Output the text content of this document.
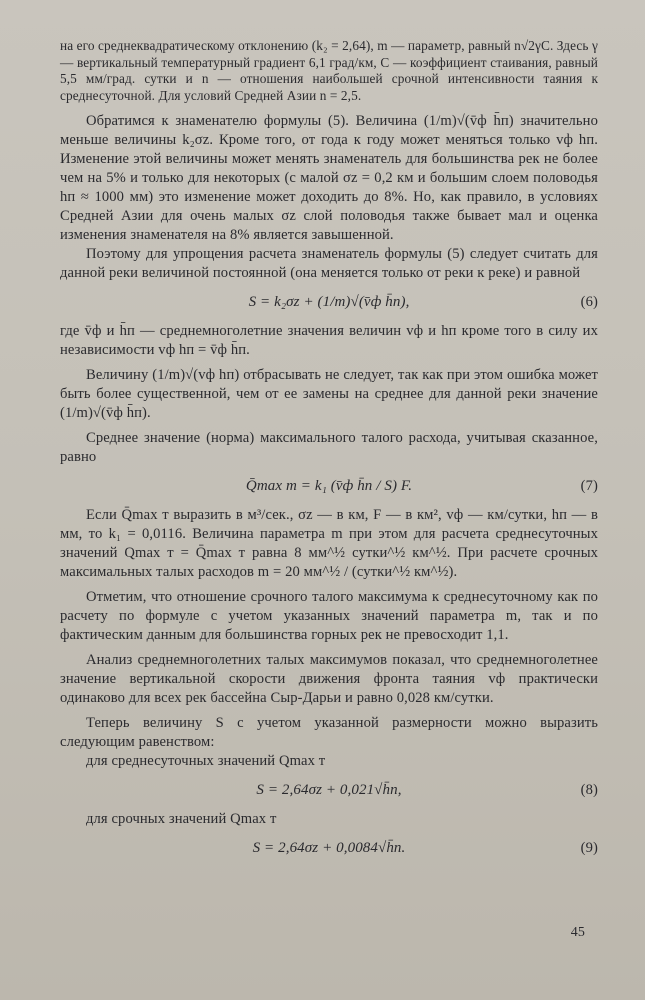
на его среднеквадратическому отклонению (k₂ = 2,64), m — параметр, равный n√2γC. Здесь γ — вертикальный температурный градиент 6,1 град/км, C — коэффициент стаивания, равный 5,5 мм/град. сутки и n — отношения наибольшей срочной интенсивности таяния к среднесуточной. Для условий Средней Азии n = 2,5.

Обратимся к знаменателю формулы (5). Величина (1/m)√(v̄ф h̄п) значительно меньше величины k₂σz. Кроме того, от года к году может меняться только vф hп. Изменение этой величины может менять знаменатель для большинства рек не более чем на 5% и только для некоторых (с малой σz = 0,2 км и большим слоем половодья hп ≈ 1000 мм) это изменение может доходить до 8%. Но, как правило, в условиях Средней Азии для очень малых σz слой половодья также бывает мал и оценка изменения знаменателя на 8% является завышенной.

Поэтому для упрощения расчета знаменатель формулы (5) следует считать для данной реки величиной постоянной (она меняется только от реки к реке) и равной

S = k₂σz + (1/m)√(v̄ф h̄п),	(6)

где v̄ф и h̄п — среднемноголетние значения величин vф и hп кроме того в силу их независимости vф hп = v̄ф h̄п.

Величину (1/m)√(vф hп) отбрасывать не следует, так как при этом ошибка может быть более существенной, чем от ее замены на среднее для данной реки значение (1/m)√(v̄ф h̄п).

Среднее значение (норма) максимального талого расхода, учитывая сказанное, равно

Q̄max т = k₁ (v̄ф h̄п / S) F.	(7)

Если Q̄max т выразить в м³/сек., σz — в км, F — в км², vф — км/сутки, hп — в мм, то k₁ = 0,0116. Величина параметра m при этом для расчета среднесуточных значений Qmax т = Q̄max т равна 8 мм^½ сутки^½ км^½. При расчете срочных максимальных талых расходов m = 20 мм^½ / (сутки^½ км^½).

Отметим, что отношение срочного талого максимума к среднесуточному как по расчету по формуле с учетом указанных значений параметра m, так и по фактическим данным для большинства горных рек не превосходит 1,1.

Анализ среднемноголетних талых максимумов показал, что среднемноголетнее значение вертикальной скорости движения фронта таяния vф практически одинаково для всех рек бассейна Сыр-Дарьи и равно 0,028 км/сутки.

Теперь величину S с учетом указанной размерности можно выразить следующим равенством:

для среднесуточных значений Qmax т

S = 2,64σz + 0,021√h̄п,	(8)

для срочных значений Qmax т

S = 2,64σz + 0,0084√h̄п.	(9)
45
